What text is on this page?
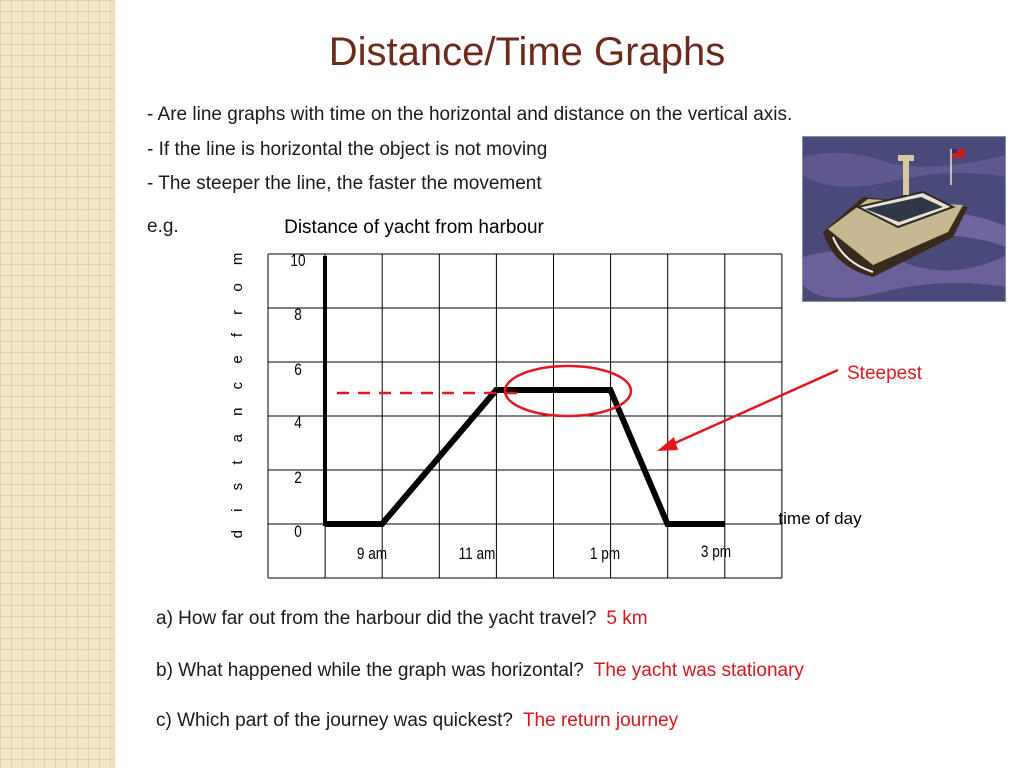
Distance/Time Graphs
- Are line graphs with time on the horizontal and distance on the vertical axis.
- If the line is horizontal the object is not moving
- The steeper the line, the faster the movement
e.g.	Distance of yacht from harbour
d i s t a n c e f r o m	time of day
0
2
4
6
8
10
9 am	11 am	1 pm	3 pm
Steepest
a) How far out from the harbour did the yacht travel? 5 km
b) What happened while the graph was horizontal? The yacht was stationary
c) Which part of the journey was quickest? The return journey
